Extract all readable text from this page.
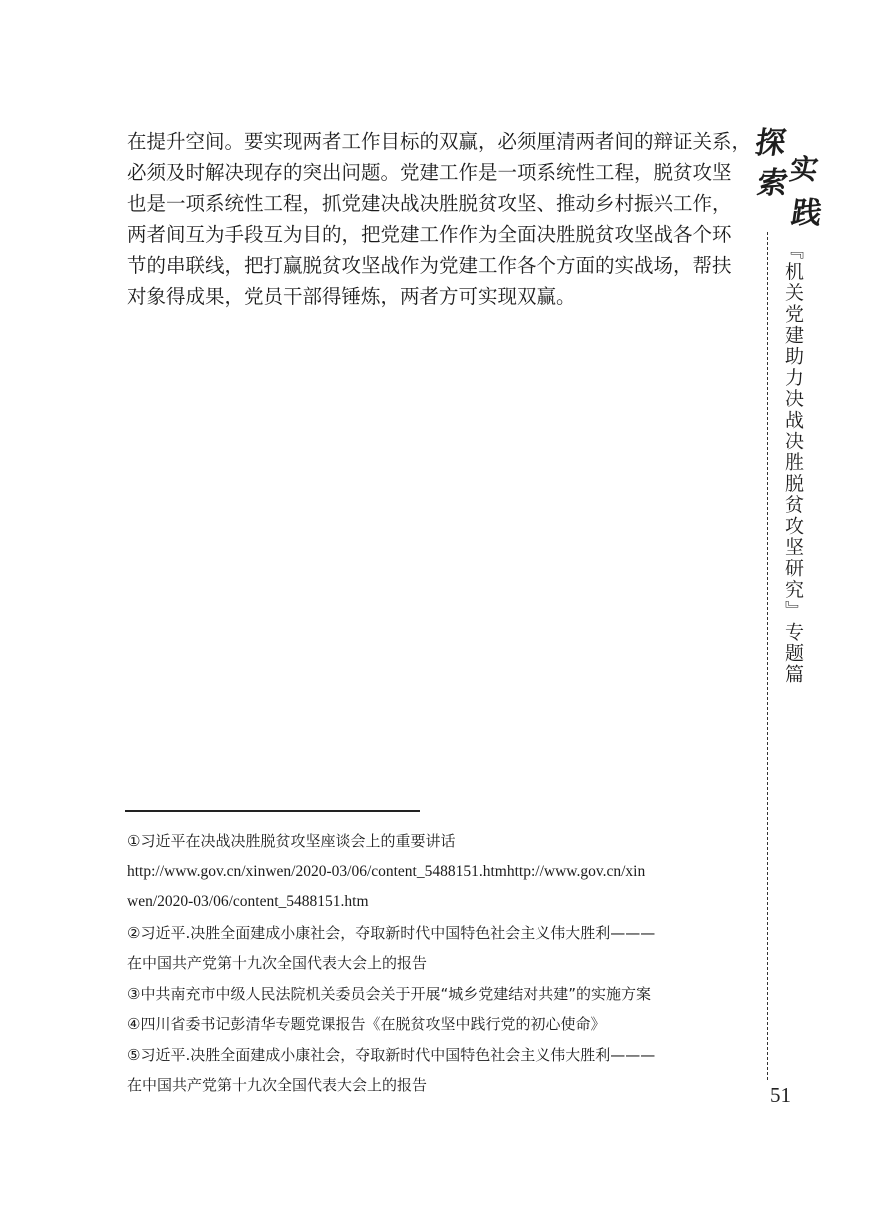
在提升空间。要实现两者工作目标的双赢，必须厘清两者间的辩证关系，
必须及时解决现存的突出问题。党建工作是一项系统性工程，脱贫攻坚
也是一项系统性工程，抓党建决战决胜脱贫攻坚、推动乡村振兴工作，
两者间互为手段互为目的，把党建工作作为全面决胜脱贫攻坚战各个环
节的串联线，把打赢脱贫攻坚战作为党建工作各个方面的实战场，帮扶
对象得成果，党员干部得锤炼，两者方可实现双赢。
探
索
实
践
『机关党建助力决战决胜脱贫攻坚研究』专题篇
①习近平在决战决胜脱贫攻坚座谈会上的重要讲话
http://www.gov.cn/xinwen/2020-03/06/content_5488151.htmhttp://www.gov.cn/xin
wen/2020-03/06/content_5488151.htm
②习近平.决胜全面建成小康社会，夺取新时代中国特色社会主义伟大胜利———
在中国共产党第十九次全国代表大会上的报告
③中共南充市中级人民法院机关委员会关于开展“城乡党建结对共建”的实施方案
④四川省委书记彭清华专题党课报告《在脱贫攻坚中践行党的初心使命》
⑤习近平.决胜全面建成小康社会，夺取新时代中国特色社会主义伟大胜利———
在中国共产党第十九次全国代表大会上的报告	51
